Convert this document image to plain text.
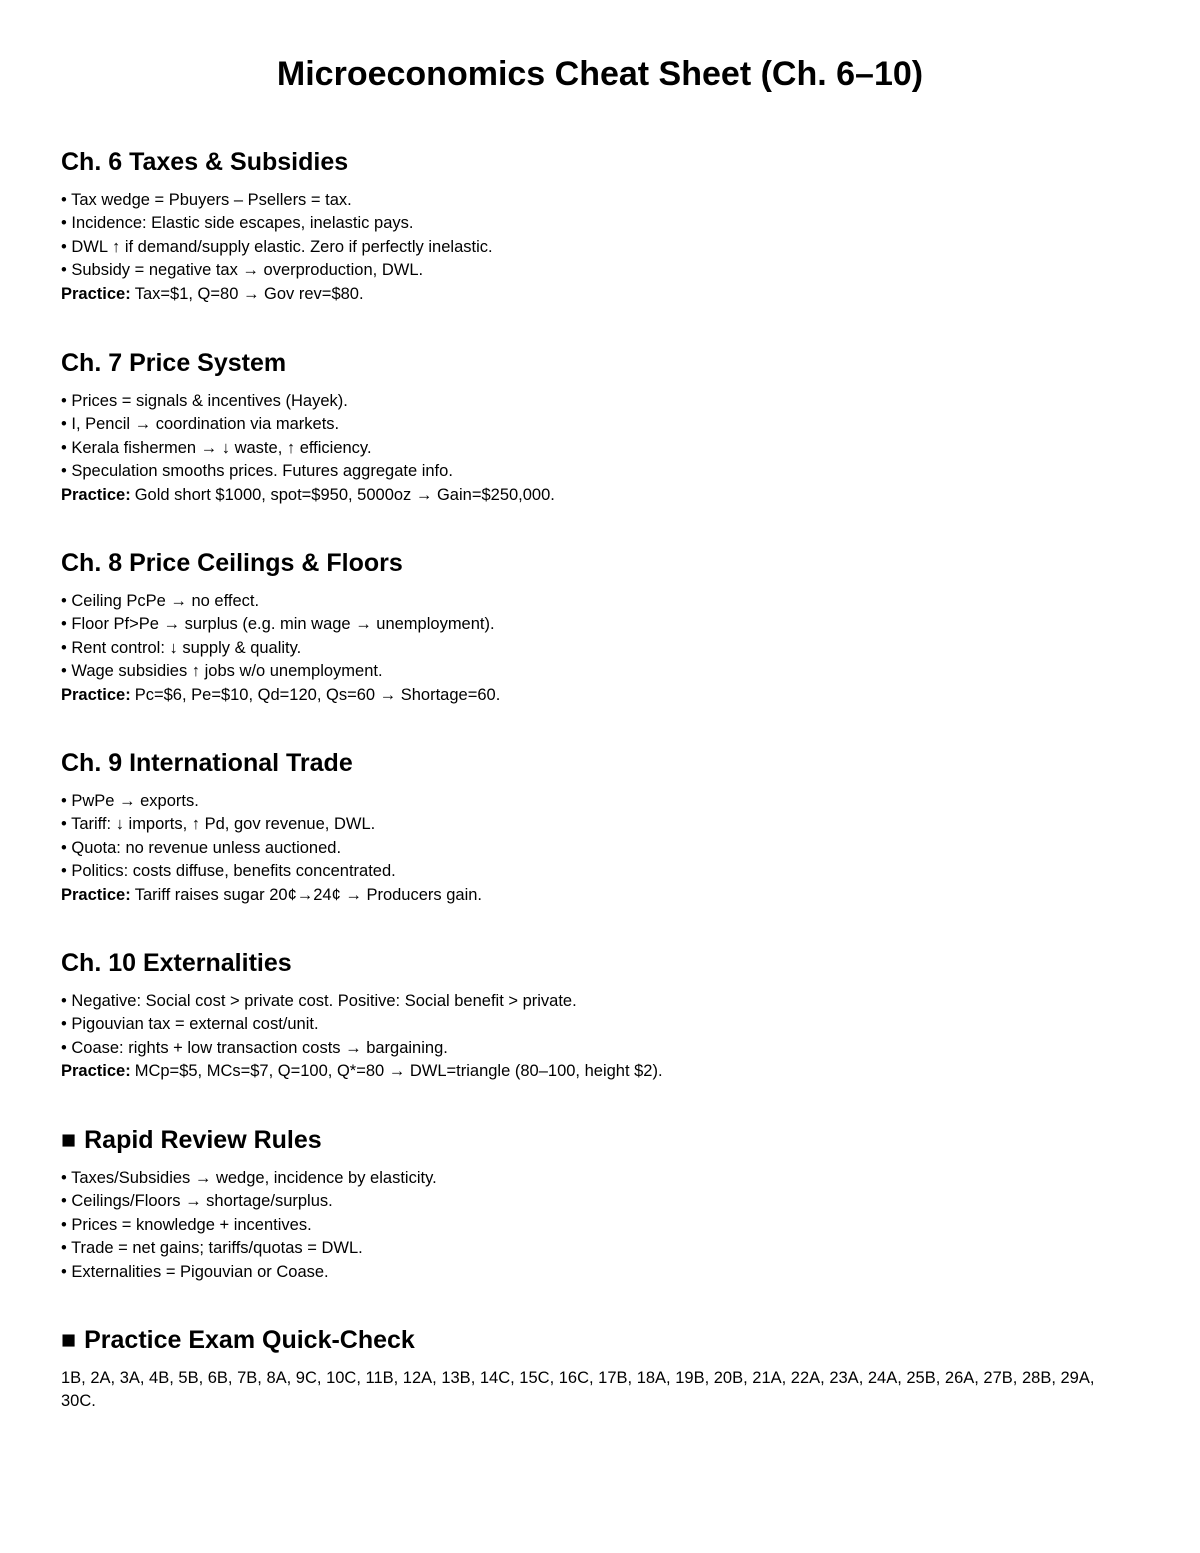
Microeconomics Cheat Sheet (Ch. 6–10)
Ch. 6 Taxes & Subsidies
• Tax wedge = Pbuyers – Psellers = tax.
• Incidence: Elastic side escapes, inelastic pays.
• DWL ↑ if demand/supply elastic. Zero if perfectly inelastic.
• Subsidy = negative tax → overproduction, DWL.

Practice: Tax=$1, Q=80 → Gov rev=$80.

Ch. 7 Price System
• Prices = signals & incentives (Hayek).
• I, Pencil → coordination via markets.
• Kerala fishermen → ↓ waste, ↑ efficiency.
• Speculation smooths prices. Futures aggregate info.

Practice: Gold short $1000, spot=$950, 5000oz → Gain=$250,000.

Ch. 8 Price Ceilings & Floors
• Ceiling PcPe → no effect.
• Floor Pf>Pe → surplus (e.g. min wage → unemployment).
• Rent control: ↓ supply & quality.
• Wage subsidies ↑ jobs w/o unemployment.

Practice: Pc=$6, Pe=$10, Qd=120, Qs=60 → Shortage=60.

Ch. 9 International Trade
• PwPe → exports.
• Tariff: ↓ imports, ↑ Pd, gov revenue, DWL.
• Quota: no revenue unless auctioned.
• Politics: costs diffuse, benefits concentrated.

Practice: Tariff raises sugar 20¢→24¢ → Producers gain.

Ch. 10 Externalities
• Negative: Social cost > private cost. Positive: Social benefit > private.
• Pigouvian tax = external cost/unit.
• Coase: rights + low transaction costs → bargaining.

Practice: MCp=$5, MCs=$7, Q=100, Q*=80 → DWL=triangle (80–100, height $2).

■ Rapid Review Rules
• Taxes/Subsidies → wedge, incidence by elasticity.
• Ceilings/Floors → shortage/surplus.
• Prices = knowledge + incentives.
• Trade = net gains; tariffs/quotas = DWL.
• Externalities = Pigouvian or Coase.
■ Practice Exam Quick-Check

1B, 2A, 3A, 4B, 5B, 6B, 7B, 8A, 9C, 10C, 11B, 12A, 13B, 14C, 15C, 16C, 17B, 18A, 19B, 20B, 21A, 22A, 23A, 24A, 25B, 26A, 27B, 28B, 29A, 30C.
